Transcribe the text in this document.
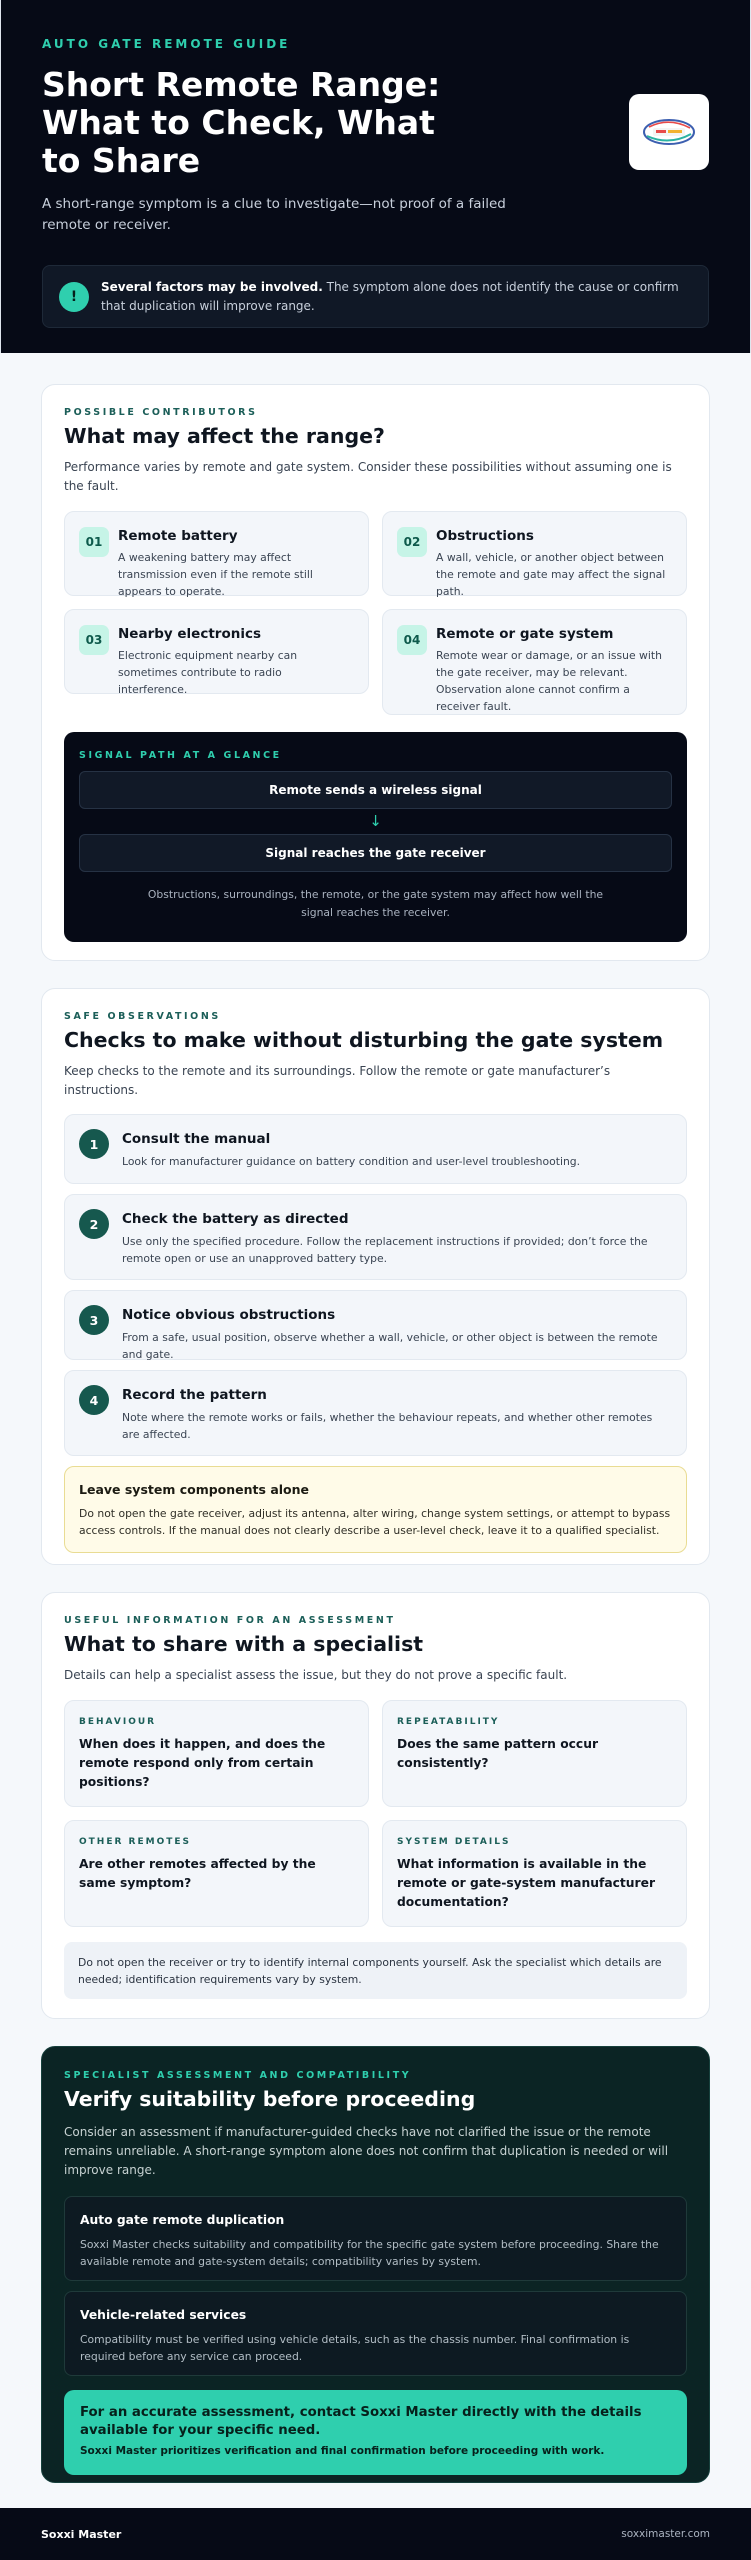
AUTO GATE REMOTE GUIDE
Short Remote Range: What to Check, What to Share

A short-range symptom is a clue to investigate—not proof of a failed remote or receiver.

!

Several factors may be involved. The symptom alone does not identify the cause or confirm that duplication will improve range.

POSSIBLE CONTRIBUTORS
What may affect the range?

Performance varies by remote and gate system. Consider these possibilities without assuming one is the fault.

01	Remote battery
A weakening battery may affect transmission even if the remote still appears to operate.
02	Obstructions
A wall, vehicle, or another object between the remote and gate may affect the signal path.
03	Nearby electronics
Electronic equipment nearby can sometimes contribute to radio interference.
04	Remote or gate system
Remote wear or damage, or an issue with the gate receiver, may be relevant. Observation alone cannot confirm a receiver fault.
SIGNAL PATH AT A GLANCE
Remote sends a wireless signal
↓
Signal reaches the gate receiver

Obstructions, surroundings, the remote, or the gate system may affect how well the signal reaches the receiver.

SAFE OBSERVATIONS
Checks to make without disturbing the gate system

Keep checks to the remote and its surroundings. Follow the remote or gate manufacturer’s instructions.

1	Consult the manual
Look for manufacturer guidance on battery condition and user-level troubleshooting.
2	Check the battery as directed
Use only the specified procedure. Follow the replacement instructions if provided; don’t force the remote open or use an unapproved battery type.
3	Notice obvious obstructions
From a safe, usual position, observe whether a wall, vehicle, or other object is between the remote and gate.
4	Record the pattern
Note where the remote works or fails, whether the behaviour repeats, and whether other remotes are affected.
Leave system components alone
Do not open the gate receiver, adjust its antenna, alter wiring, change system settings, or attempt to bypass access controls. If the manual does not clearly describe a user-level check, leave it to a qualified specialist.
USEFUL INFORMATION FOR AN ASSESSMENT
What to share with a specialist

Details can help a specialist assess the issue, but they do not prove a specific fault.

BEHAVIOUR
When does it happen, and does the remote respond only from certain positions?
REPEATABILITY
Does the same pattern occur consistently?
OTHER REMOTES
Are other remotes affected by the same symptom?
SYSTEM DETAILS
What information is available in the remote or gate-system manufacturer documentation?
Do not open the receiver or try to identify internal components yourself. Ask the specialist which details are needed; identification requirements vary by system.
SPECIALIST ASSESSMENT AND COMPATIBILITY
Verify suitability before proceeding

Consider an assessment if manufacturer-guided checks have not clarified the issue or the remote remains unreliable. A short-range symptom alone does not confirm that duplication is needed or will improve range.

Auto gate remote duplication
Soxxi Master checks suitability and compatibility for the specific gate system before proceeding. Share the available remote and gate-system details; compatibility varies by system.
Vehicle-related services
Compatibility must be verified using vehicle details, such as the chassis number. Final confirmation is required before any service can proceed.
For an accurate assessment, contact Soxxi Master directly with the details available for your specific need.
Soxxi Master prioritizes verification and final confirmation before proceeding with work.
Soxxi Master	soxximaster.com
